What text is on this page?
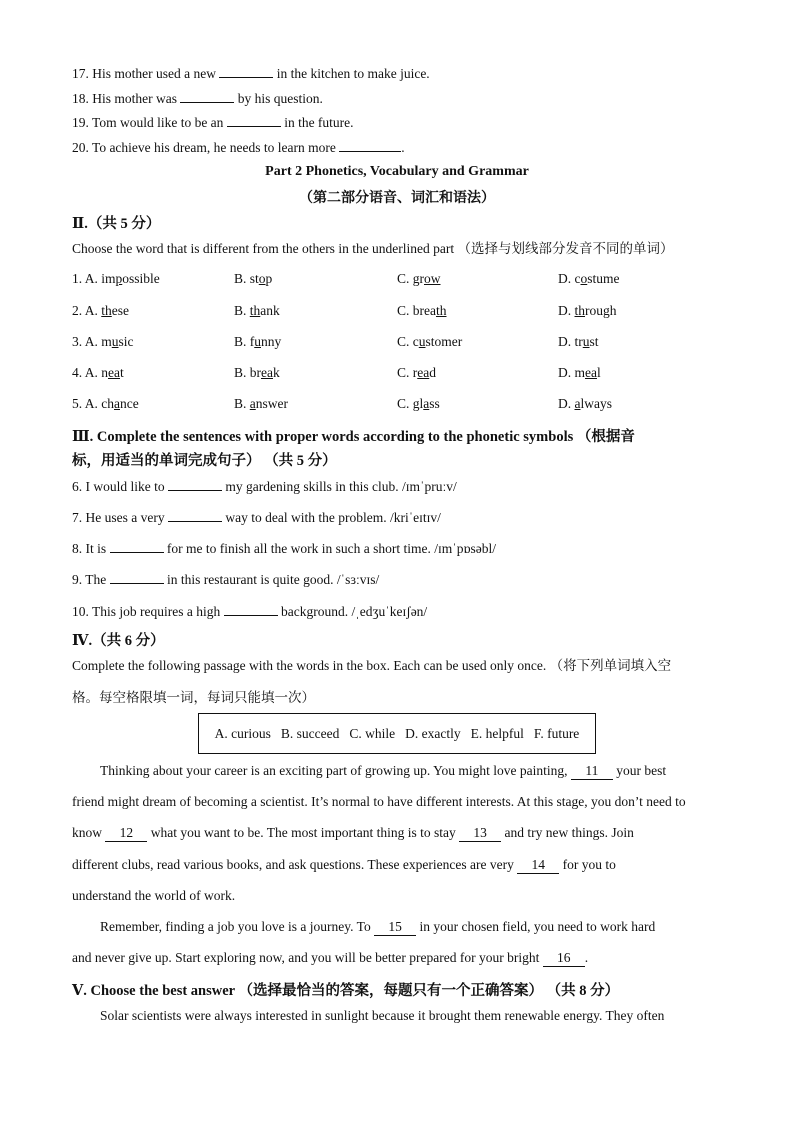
17. His mother used a new	in the kitchen to make juice.
18. His mother was	by his question.
19. Tom would like to be an	in the future.
20. To achieve his dream, he needs to learn more	.
Part 2 Phonetics, Vocabulary and Grammar
（第二部分语音、词汇和语法）
Ⅱ.（共 5 分）
Choose the word that is different from the others in the underlined part （选择与划线部分发音不同的单词）
1. A. impossible	B. stop	C. grow	D. costume
2. A. these	B. thank	C. breath	D. through
3. A. music	B. funny	C. customer	D. trust
4. A. neat	B. break	C. read	D. meal
5. A. chance	B. answer	C. glass	D. always
Ⅲ. Complete the sentences with proper words according to the phonetic symbols （根据音
标，用适当的单词完成句子） （共 5 分）
6. I would like to	my gardening skills in this club. /ɪmˈpruːv/
7. He uses a very	way to deal with the problem. /kriˈeɪtɪv/
8. It is	for me to finish all the work in such a short time. /ɪmˈpɒsəbl/
9. The	in this restaurant is quite good. /ˈsɜːvɪs/
10. This job requires a high	background. /ˌedʒuˈkeɪʃən/
Ⅳ.（共 6 分）
Complete the following passage with the words in the box. Each can be used only once. （将下列单词填入空
格。每空格限填一词，每词只能填一次）
A. curious B. succeed C. while D. exactly E. helpful F. future
Thinking about your career is an exciting part of growing up. You might love painting, 11 your best
friend might dream of becoming a scientist. It’s normal to have different interests. At this stage, you don’t need to
know 12 what you want to be. The most important thing is to stay 13 and try new things. Join
different clubs, read various books, and ask questions. These experiences are very 14 for you to
understand the world of work.
Remember, finding a job you love is a journey. To 15 in your chosen field, you need to work hard
and never give up. Start exploring now, and you will be better prepared for your bright 16 .
Ⅴ. Choose the best answer （选择最恰当的答案，每题只有一个正确答案） （共 8 分）
Solar scientists were always interested in sunlight because it brought them renewable energy. They often
